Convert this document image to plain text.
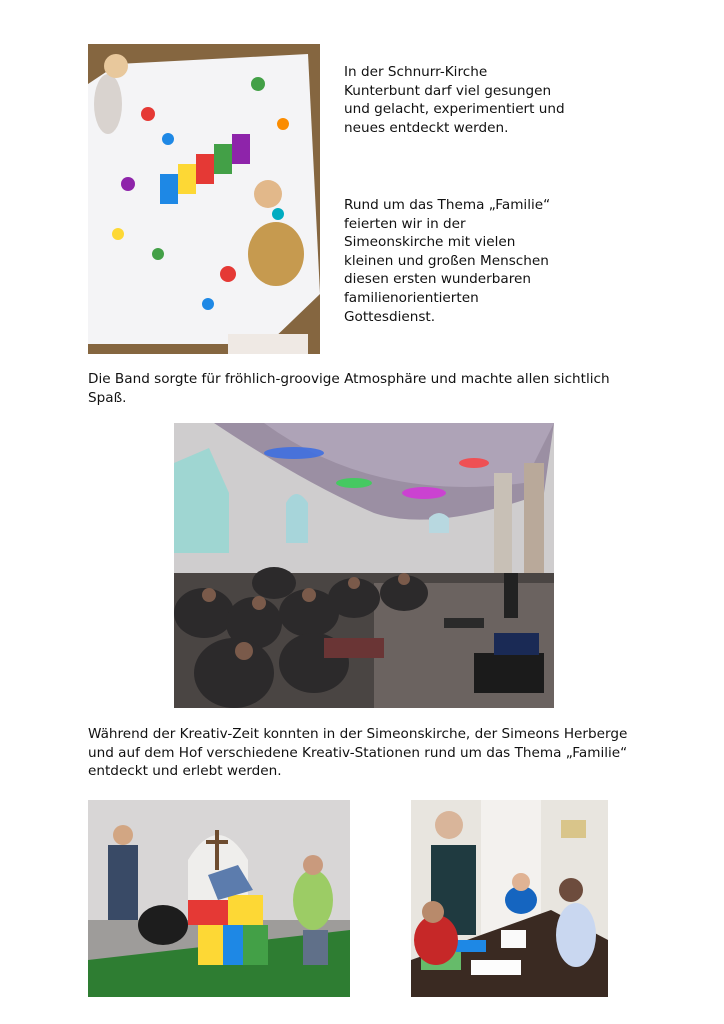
In der Schnurr-Kirche
Kunterbunt darf viel gesungen
und gelacht, experimentiert und
neues entdeckt werden.
Rund um das Thema „Familie“
feierten wir in der
Simeonskirche mit vielen
kleinen und großen Menschen
diesen ersten wunderbaren
familienorientierten
Gottesdienst.
Die Band sorgte für fröhlich-groovige Atmosphäre und machte allen sichtlich
Spaß.
Während der Kreativ-Zeit konnten in der Simeonskirche, der Simeons Herberge
und auf dem Hof verschiedene Kreativ-Stationen rund um das Thema „Familie“
entdeckt und erlebt werden.
